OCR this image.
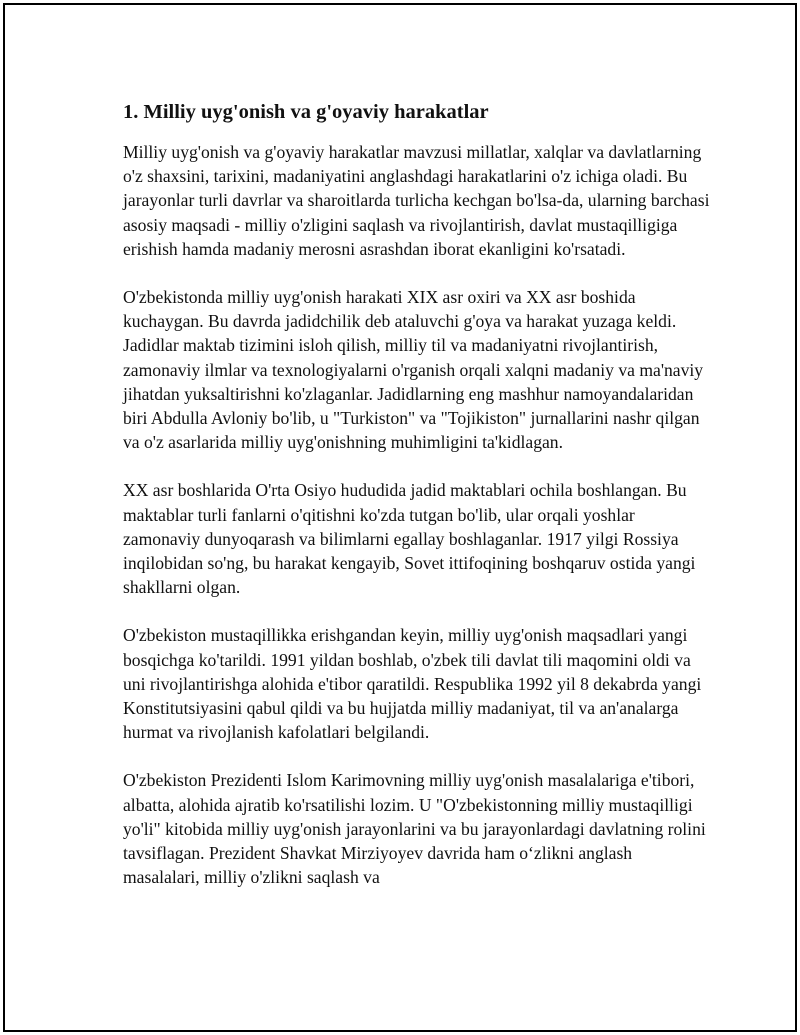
1. Milliy uyg'onish va g'oyaviy harakatlar

Milliy uyg'onish va g'oyaviy harakatlar mavzusi millatlar, xalqlar va davlatlarning o'z shaxsini, tarixini, madaniyatini anglashdagi harakatlarini o'z ichiga oladi. Bu jarayonlar turli davrlar va sharoitlarda turlicha kechgan bo'lsa-da, ularning barchasi asosiy maqsadi - milliy o'zligini saqlash va rivojlantirish, davlat mustaqilligiga erishish hamda madaniy merosni asrashdan iborat ekanligini ko'rsatadi.

O'zbekistonda milliy uyg'onish harakati XIX asr oxiri va XX asr boshida kuchaygan. Bu davrda jadidchilik deb ataluvchi g'oya va harakat yuzaga keldi. Jadidlar maktab tizimini isloh qilish, milliy til va madaniyatni rivojlantirish, zamonaviy ilmlar va texnologiyalarni o'rganish orqali xalqni madaniy va ma'naviy jihatdan yuksaltirishni ko'zlaganlar. Jadidlarning eng mashhur namoyandalaridan biri Abdulla Avloniy bo'lib, u "Turkiston" va "Tojikiston" jurnallarini nashr qilgan va o'z asarlarida milliy uyg'onishning muhimligini ta'kidlagan.

XX asr boshlarida O'rta Osiyo hududida jadid maktablari ochila boshlangan. Bu maktablar turli fanlarni o'qitishni ko'zda tutgan bo'lib, ular orqali yoshlar zamonaviy dunyoqarash va bilimlarni egallay boshlaganlar. 1917 yilgi Rossiya inqilobidan so'ng, bu harakat kengayib, Sovet ittifoqining boshqaruv ostida yangi shakllarni olgan.

O'zbekiston mustaqillikka erishgandan keyin, milliy uyg'onish maqsadlari yangi bosqichga ko'tarildi. 1991 yildan boshlab, o'zbek tili davlat tili maqomini oldi va uni rivojlantirishga alohida e'tibor qaratildi. Respublika 1992 yil 8 dekabrda yangi Konstitutsiyasini qabul qildi va bu hujjatda milliy madaniyat, til va an'analarga hurmat va rivojlanish kafolatlari belgilandi.

O'zbekiston Prezidenti Islom Karimovning milliy uyg'onish masalalariga e'tibori, albatta, alohida ajratib ko'rsatilishi lozim. U "O'zbekistonning milliy mustaqilligi yo'li" kitobida milliy uyg'onish jarayonlarini va bu jarayonlardagi davlatning rolini tavsiflagan. Prezident Shavkat Mirziyoyev davrida ham o‘zlikni anglash masalalari, milliy o'zlikni saqlash va
